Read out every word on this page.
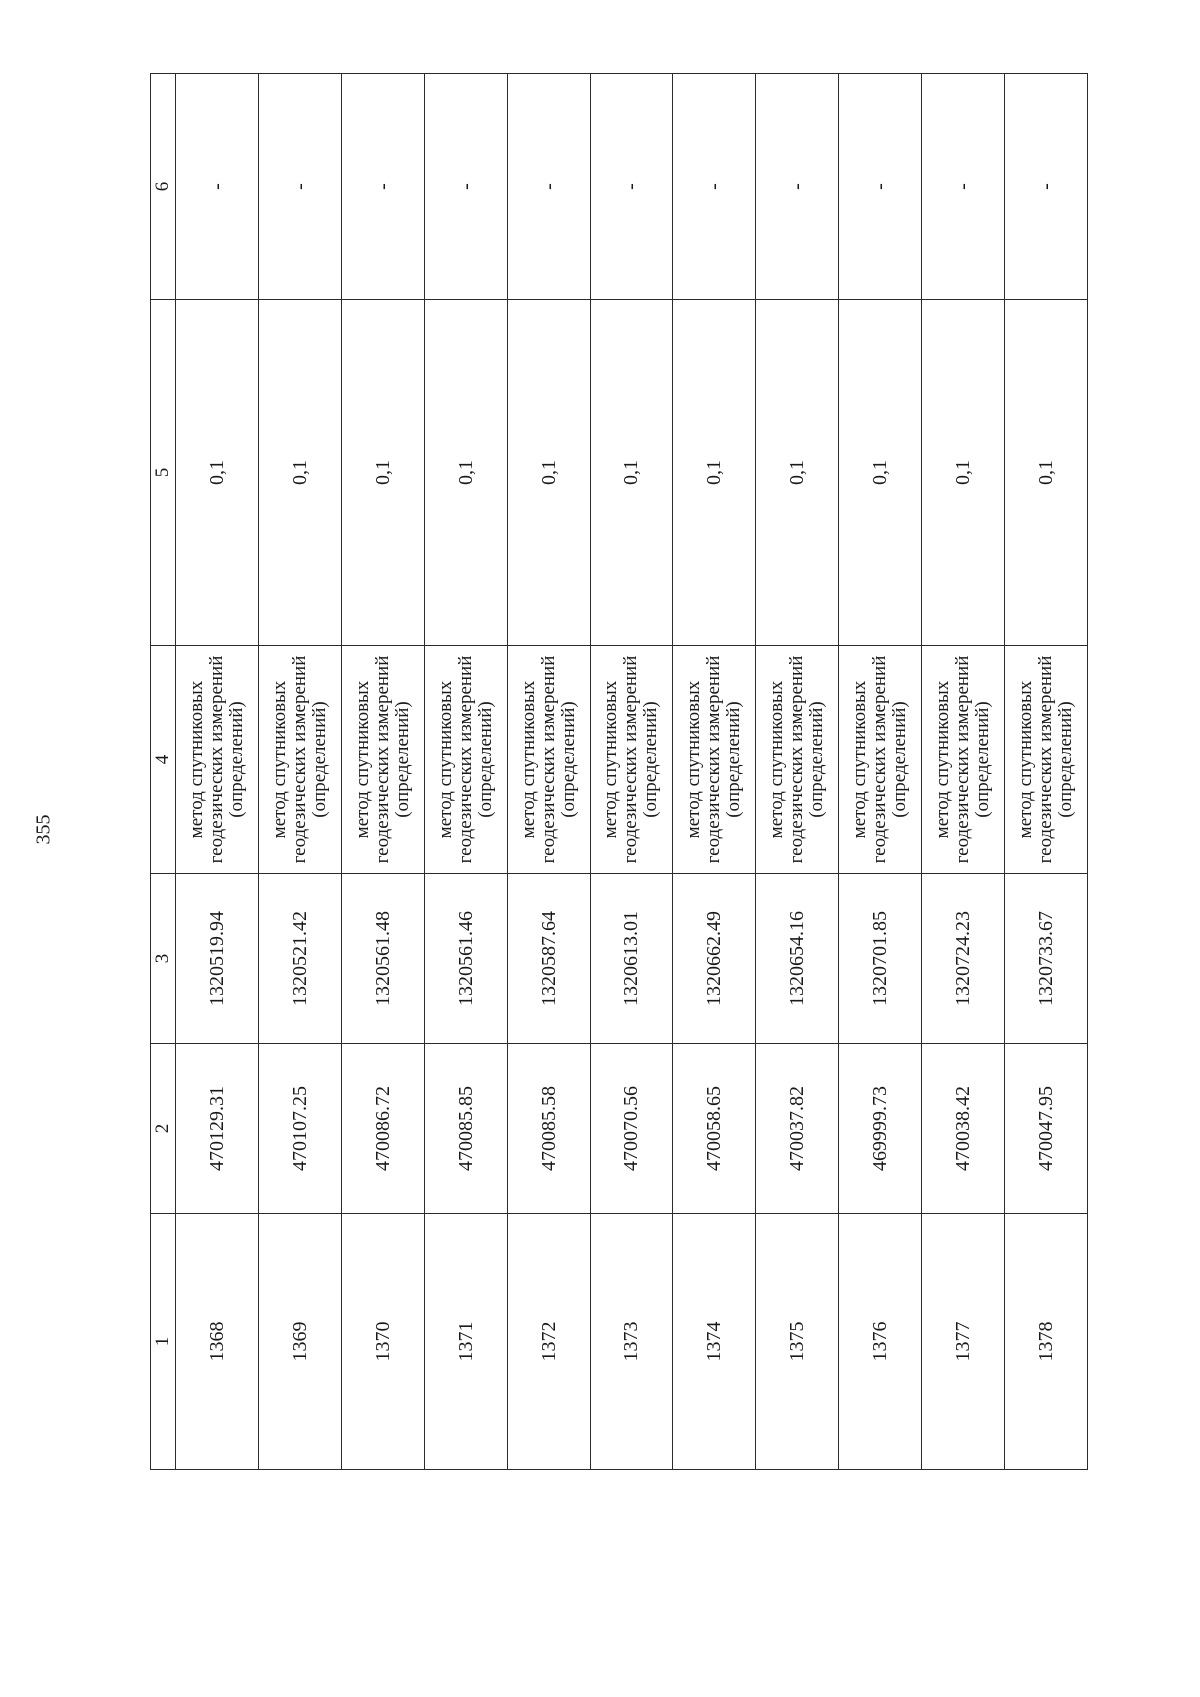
355
1	2	3	4	5	6
1368	470129.31	1320519.94	метод спутниковых геодезических измерений (определений)	0,1	-
1369	470107.25	1320521.42	метод спутниковых геодезических измерений (определений)	0,1	-
1370	470086.72	1320561.48	метод спутниковых геодезических измерений (определений)	0,1	-
1371	470085.85	1320561.46	метод спутниковых геодезических измерений (определений)	0,1	-
1372	470085.58	1320587.64	метод спутниковых геодезических измерений (определений)	0,1	-
1373	470070.56	1320613.01	метод спутниковых геодезических измерений (определений)	0,1	-
1374	470058.65	1320662.49	метод спутниковых геодезических измерений (определений)	0,1	-
1375	470037.82	1320654.16	метод спутниковых геодезических измерений (определений)	0,1	-
1376	469999.73	1320701.85	метод спутниковых геодезических измерений (определений)	0,1	-
1377	470038.42	1320724.23	метод спутниковых геодезических измерений (определений)	0,1	-
1378	470047.95	1320733.67	метод спутниковых геодезических измерений (определений)	0,1	-
